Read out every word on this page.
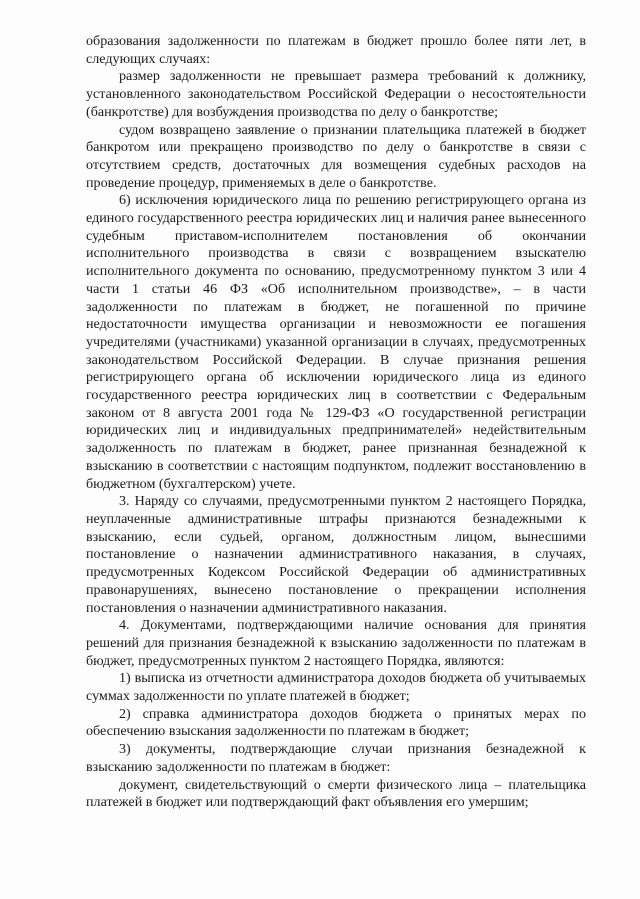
образования задолженности по платежам в бюджет прошло более пяти лет, в следующих случаях:

размер задолженности не превышает размера требований к должнику, установленного законодательством Российской Федерации о несостоятельности (банкротстве) для возбуждения производства по делу о банкротстве;

судом возвращено заявление о признании плательщика платежей в бюджет банкротом или прекращено производство по делу о банкротстве в связи с отсутствием средств, достаточных для возмещения судебных расходов на проведение процедур, применяемых в деле о банкротстве.

6) исключения юридического лица по решению регистрирующего органа из единого государственного реестра юридических лиц и наличия ранее вынесенного судебным приставом-исполнителем постановления об окончании исполнительного производства в связи с возвращением взыскателю исполнительного документа по основанию, предусмотренному пунктом 3 или 4 части 1 статьи 46 ФЗ «Об исполнительном производстве», – в части задолженности по платежам в бюджет, не погашенной по причине недостаточности имущества организации и невозможности ее погашения учредителями (участниками) указанной организации в случаях, предусмотренных законодательством Российской Федерации. В случае признания решения регистрирующего органа об исключении юридического лица из единого государственного реестра юридических лиц в соответствии с Федеральным законом от 8 августа 2001 года № 129-ФЗ «О государственной регистрации юридических лиц и индивидуальных предпринимателей» недействительным задолженность по платежам в бюджет, ранее признанная безнадежной к взысканию в соответствии с настоящим подпунктом, подлежит восстановлению в бюджетном (бухгалтерском) учете.

3. Наряду со случаями, предусмотренными пунктом 2 настоящего Порядка, неуплаченные административные штрафы признаются безнадежными к взысканию, если судьей, органом, должностным лицом, вынесшими постановление о назначении административного наказания, в случаях, предусмотренных Кодексом Российской Федерации об административных правонарушениях, вынесено постановление о прекращении исполнения постановления о назначении административного наказания.

4. Документами, подтверждающими наличие основания для принятия решений для признания безнадежной к взысканию задолженности по платежам в бюджет, предусмотренных пунктом 2 настоящего Порядка, являются:

1) выписка из отчетности администратора доходов бюджета об учитываемых суммах задолженности по уплате платежей в бюджет;

2) справка администратора доходов бюджета о принятых мерах по обеспечению взыскания задолженности по платежам в бюджет;

3) документы, подтверждающие случаи признания безнадежной к взысканию задолженности по платежам в бюджет:

документ, свидетельствующий о смерти физического лица – плательщика платежей в бюджет или подтверждающий факт объявления его умершим;
